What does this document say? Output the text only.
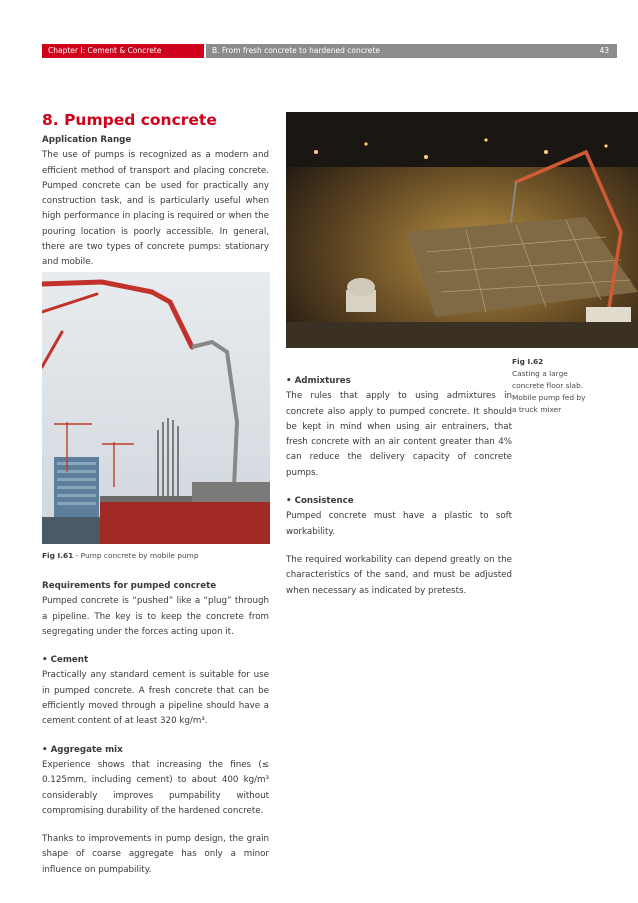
Chapter I: Cement & Concrete	B. From fresh concrete to hardened concrete	43
8. Pumped concrete

Application Range

The use of pumps is recognized as a modern and efficient method of transport and placing concrete. Pumped concrete can be used for practically any construction task, and is particularly useful when high performance in placing is required or when the pouring location is poorly accessible. In general, there are two types of concrete pumps: stationary and mobile.

Fig I.61 - Pump concrete by mobile pump

Requirements for pumped concrete

Pumped concrete is “pushed” like a “plug” through a pipeline. The key is to keep the concrete from segregating under the forces acting upon it.

• Cement

Practically any standard cement is suitable for use in pumped concrete. A fresh concrete that can be efficiently moved through a pipeline should have a cement content of at least 320 kg/m³.

• Aggregate mix

Experience shows that increasing the fines (≤ 0.125mm, including cement) to about 400 kg/m³ considerably improves pumpability without compromising durability of the hardened concrete.

Thanks to improvements in pump design, the grain shape of coarse aggregate has only a minor influence on pumpability.

• Admixtures

The rules that apply to using admixtures in concrete also apply to pumped concrete. It should be kept in mind when using air entrainers, that fresh concrete with an air content greater than 4% can reduce the delivery capacity of concrete pumps.

• Consistence

Pumped concrete must have a plastic to soft workability.

The required workability can depend greatly on the characteristics of the sand, and must be adjusted when necessary as indicated by pretests.

Fig I.62

Casting a large concrete floor slab. Mobile pump fed by a truck mixer
